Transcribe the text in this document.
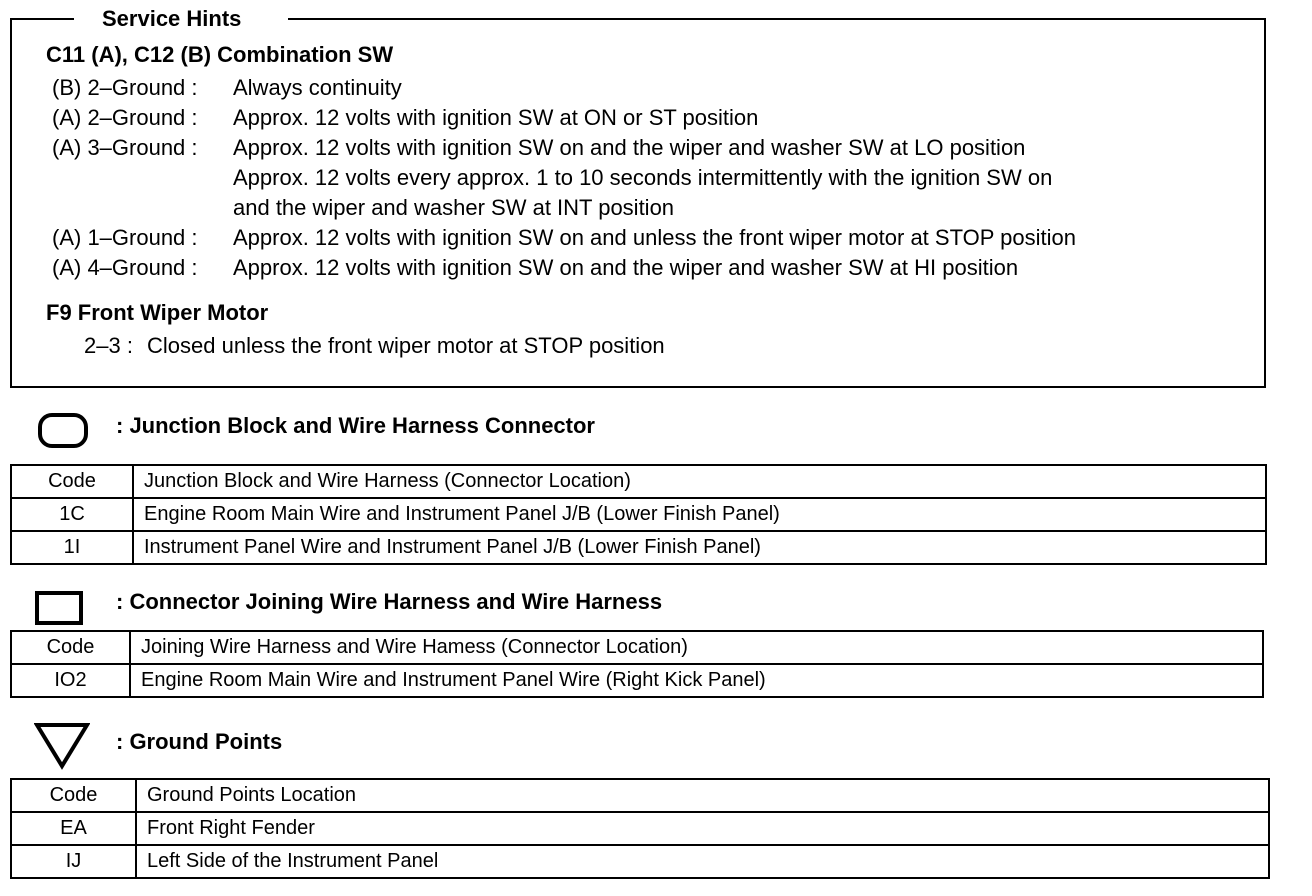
Service Hints
C11 (A), C12 (B) Combination SW
(B) 2–Ground : Always continuity
(A) 2–Ground : Approx. 12 volts with ignition SW at ON or ST position
(A) 3–Ground : Approx. 12 volts with ignition SW on and the wiper and washer SW at LO position
Approx. 12 volts every approx. 1 to 10 seconds intermittently with the ignition SW on
and the wiper and washer SW at INT position
(A) 1–Ground : Approx. 12 volts with ignition SW on and unless the front wiper motor at STOP position
(A) 4–Ground : Approx. 12 volts with ignition SW on and the wiper and washer SW at HI position
F9 Front Wiper Motor
2–3 : Closed unless the front wiper motor at STOP position
: Junction Block and Wire Harness Connector
Code	Junction Block and Wire Harness (Connector Location)
1C	Engine Room Main Wire and Instrument Panel J/B (Lower Finish Panel)
1I	Instrument Panel Wire and Instrument Panel J/B (Lower Finish Panel)
: Connector Joining Wire Harness and Wire Harness
Code	Joining Wire Harness and Wire Hamess (Connector Location)
IO2	Engine Room Main Wire and Instrument Panel Wire (Right Kick Panel)
: Ground Points
Code	Ground Points Location
EA	Front Right Fender
IJ	Left Side of the Instrument Panel
